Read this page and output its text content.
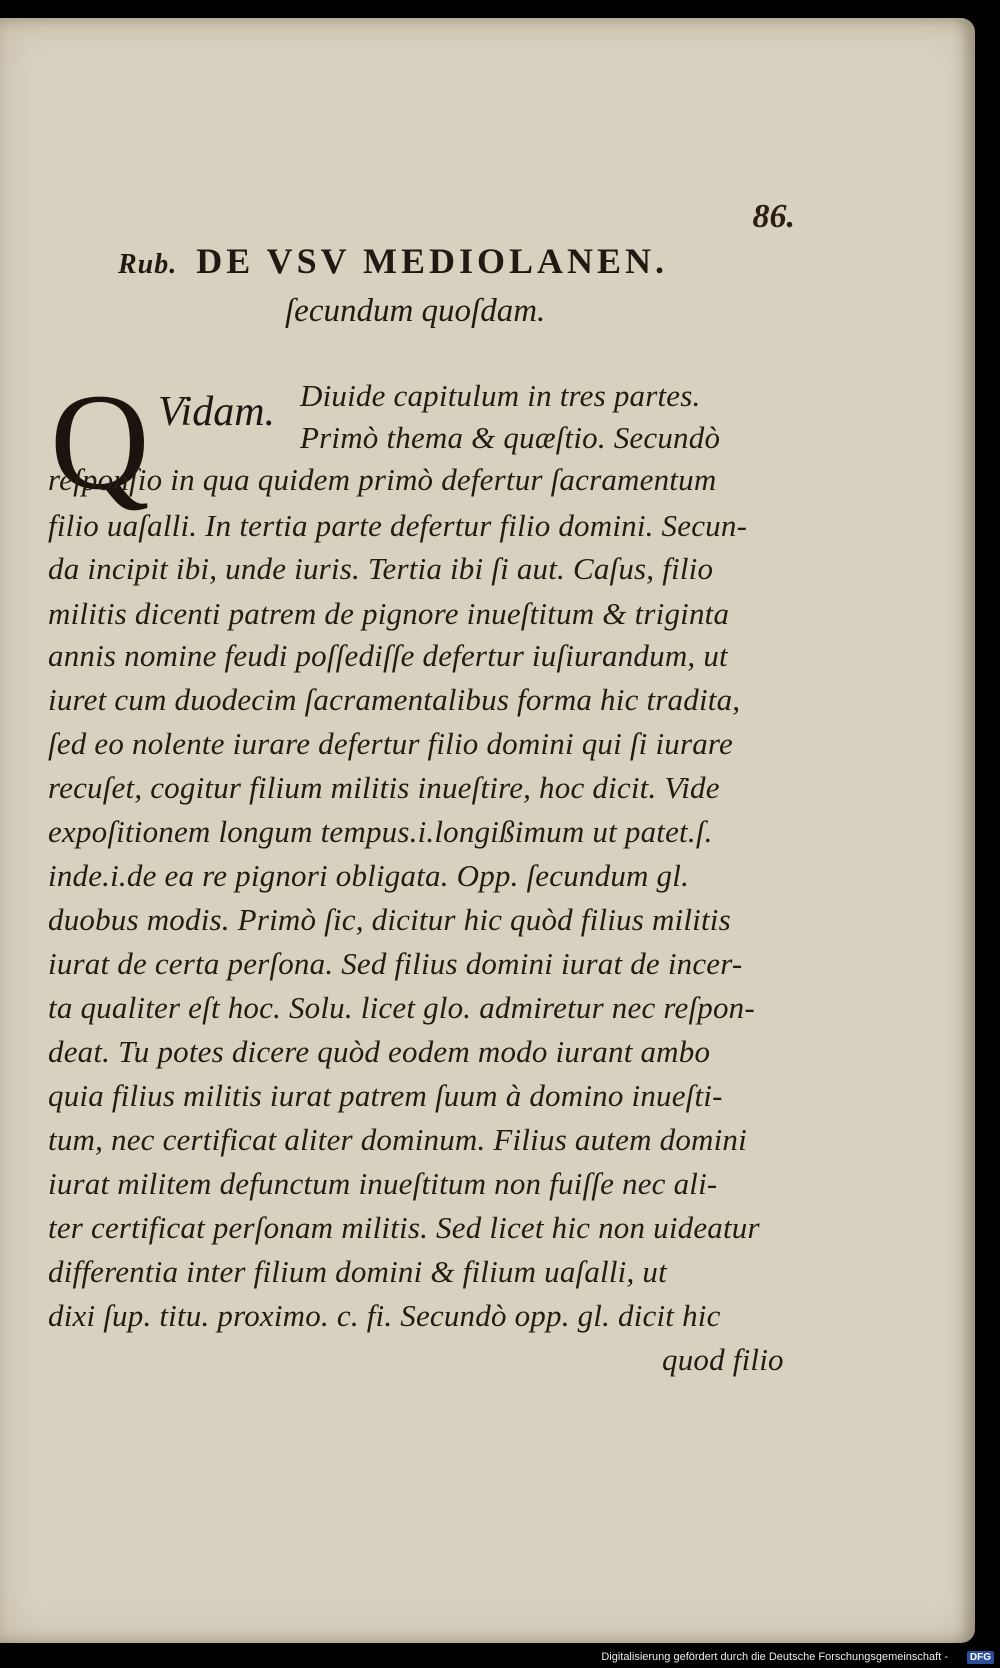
86.
Rub. DE VSV MEDIOLANEN.
ſecundum quoſdam.
Q Vidam. Diuide capitulum in tres partes.
Primò thema & quæſtio. Secundò
reſponſio in qua quidem primò defertur ſacramentum
filio uaſalli. In tertia parte defertur filio domini. Secun-
da incipit ibi, unde iuris. Tertia ibi ſi aut. Caſus, filio
militis dicenti patrem de pignore inueſtitum & triginta
annis nomine feudi poſſediſſe defertur iuſiurandum, ut
iuret cum duodecim ſacramentalibus forma hic tradita,
ſed eo nolente iurare defertur filio domini qui ſi iurare
recuſet, cogitur filium militis inueſtire, hoc dicit. Vide
expoſitionem longum tempus.i.longißimum ut patet.ſ.
inde.i.de ea re pignori obligata. Opp. ſecundum gl.
duobus modis. Primò ſic, dicitur hic quòd filius militis
iurat de certa perſona. Sed filius domini iurat de incer-
ta qualiter eſt hoc. Solu. licet glo. admiretur nec reſpon-
deat. Tu potes dicere quòd eodem modo iurant ambo
quia filius militis iurat patrem ſuum à domino inueſti-
tum, nec certificat aliter dominum. Filius autem domini
iurat militem defunctum inueſtitum non fuiſſe nec ali-
ter certificat perſonam militis. Sed licet hic non uideatur
differentia inter filium domini & filium uaſalli, ut
dixi ſup. titu. proximo. c. fi. Secundò opp. gl. dicit hic
quod filio
Digitalisierung gefördert durch die Deutsche Forschungsgemeinschaft -	DFG
